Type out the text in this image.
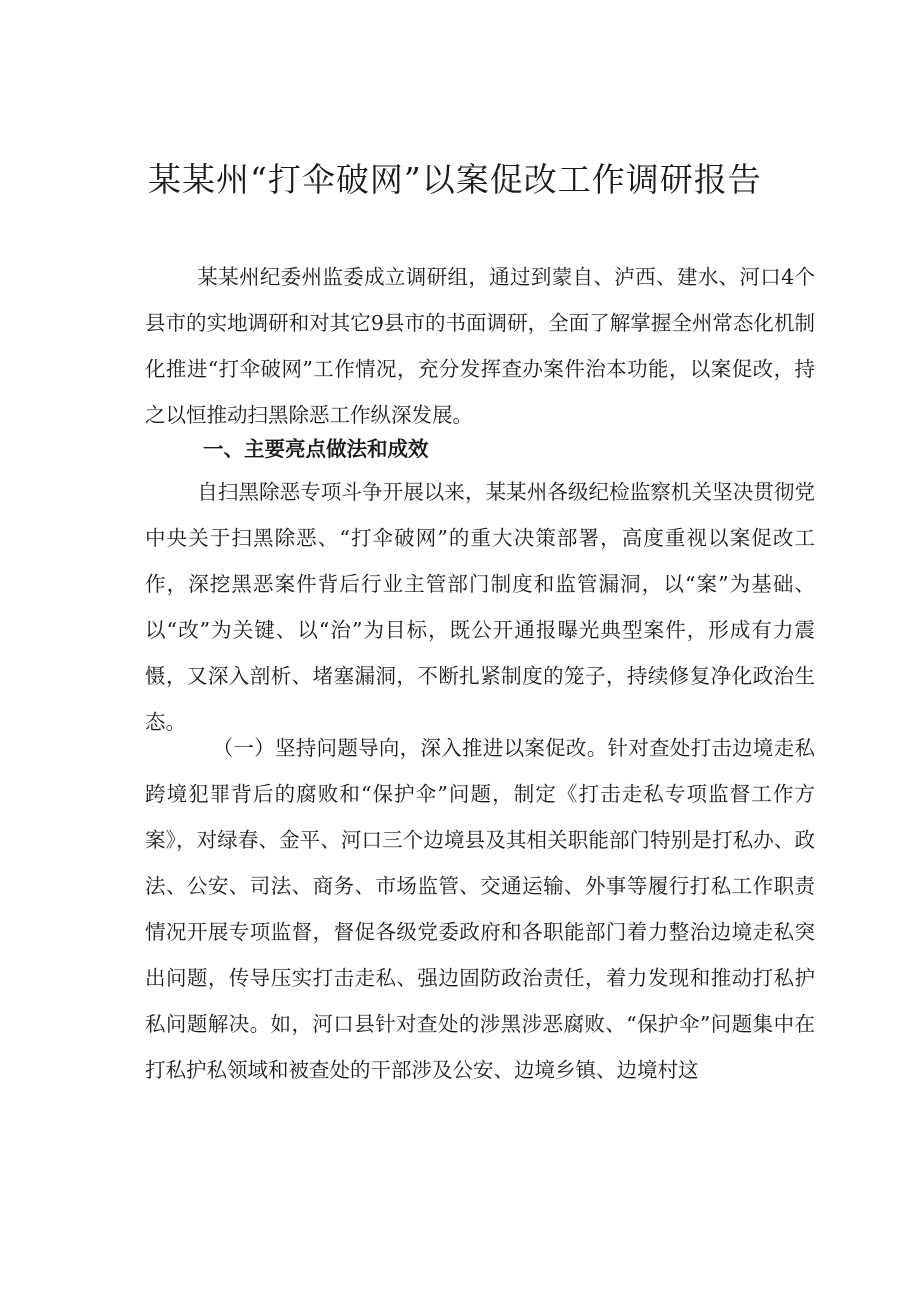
某某州“打伞破网”以案促改工作调研报告

某某州纪委州监委成立调研组，通过到蒙自、泸西、建水、河口4个县市的实地调研和对其它9县市的书面调研，全面了解掌握全州常态化机制化推进“打伞破网”工作情况，充分发挥查办案件治本功能，以案促改，持之以恒推动扫黑除恶工作纵深发展。

一、主要亮点做法和成效

自扫黑除恶专项斗争开展以来，某某州各级纪检监察机关坚决贯彻党中央关于扫黑除恶、“打伞破网”的重大决策部署，高度重视以案促改工作，深挖黑恶案件背后行业主管部门制度和监管漏洞，以“案”为基础、以“改”为关键、以“治”为目标，既公开通报曝光典型案件，形成有力震慑，又深入剖析、堵塞漏洞，不断扎紧制度的笼子，持续修复净化政治生态。

（一）坚持问题导向，深入推进以案促改。针对查处打击边境走私跨境犯罪背后的腐败和“保护伞”问题，制定《打击走私专项监督工作方案》，对绿春、金平、河口三个边境县及其相关职能部门特别是打私办、政法、公安、司法、商务、市场监管、交通运输、外事等履行打私工作职责情况开展专项监督，督促各级党委政府和各职能部门着力整治边境走私突出问题，传导压实打击走私、强边固防政治责任，着力发现和推动打私护私问题解决。如，河口县针对查处的涉黑涉恶腐败、“保护伞”问题集中在打私护私领域和被查处的干部涉及公安、边境乡镇、边境村这
